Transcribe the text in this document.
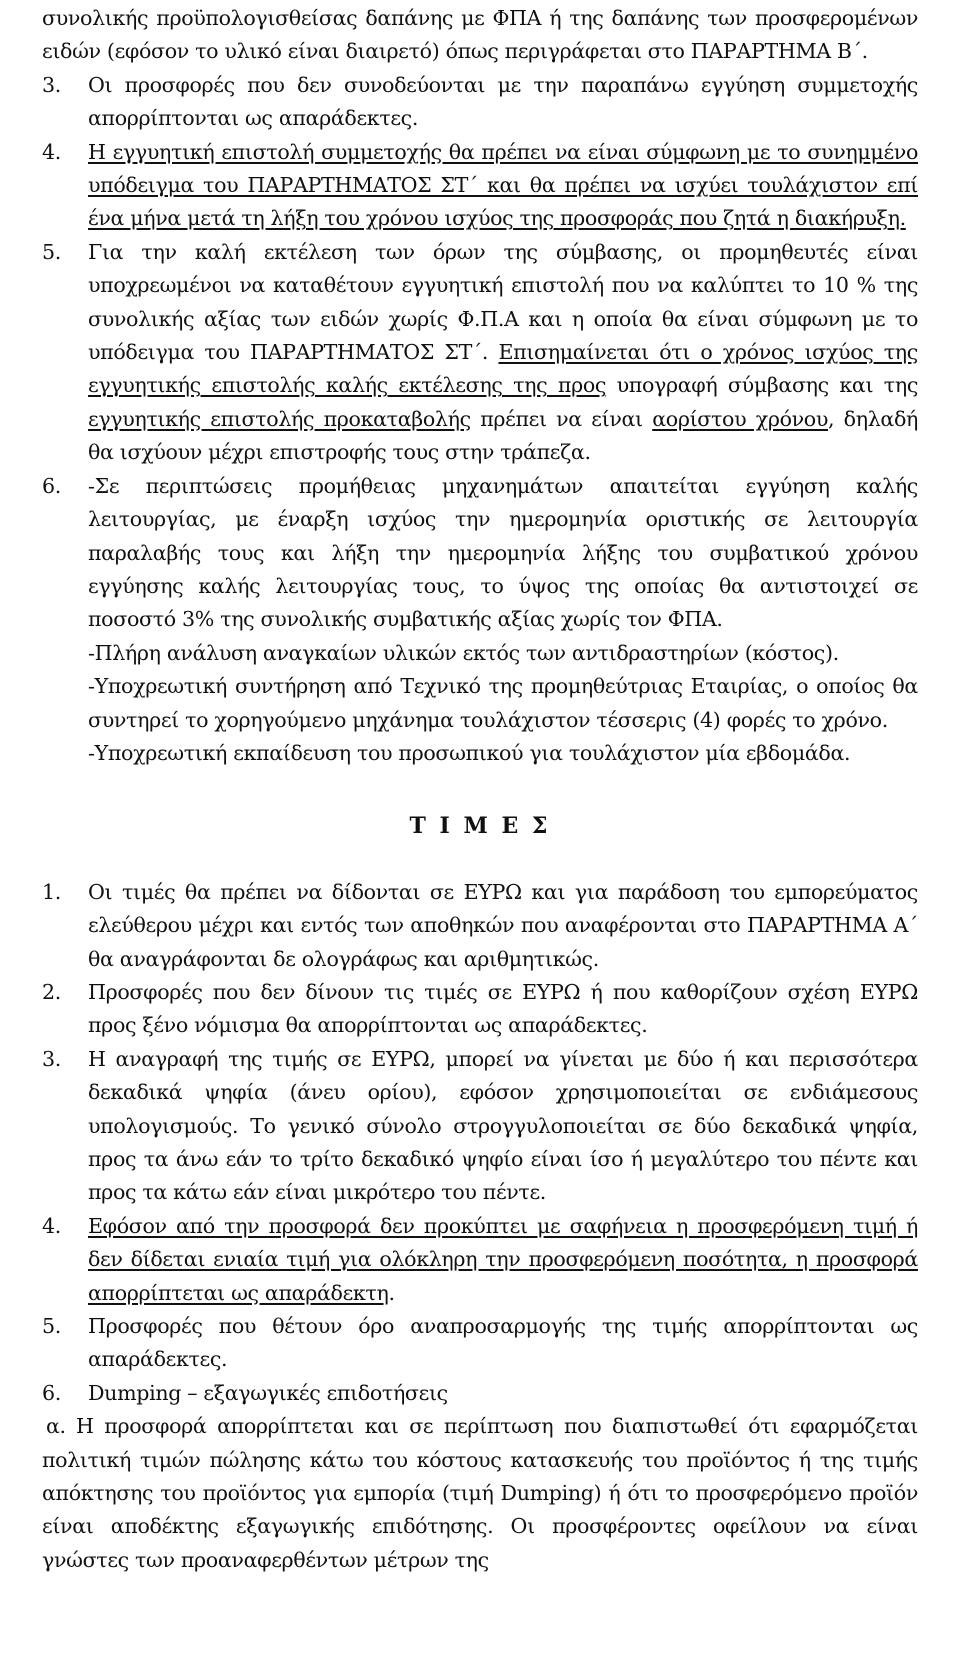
συνολικής προϋπολογισθείσας δαπάνης με ΦΠΑ ή της δαπάνης των προσφερομένων ειδών (εφόσον το υλικό είναι διαιρετό) όπως περιγράφεται στο ΠΑΡΑΡΤΗΜΑ Β΄.

3.	Οι προσφορές που δεν συνοδεύονται με την παραπάνω εγγύηση συμμετοχής απορρίπτονται ως απαράδεκτες.
4.	Η εγγυητική επιστολή συμμετοχής θα πρέπει να είναι σύμφωνη με το συνημμένο υπόδειγμα του ΠΑΡΑΡΤΗΜΑΤΟΣ ΣΤ΄ και θα πρέπει να ισχύει τουλάχιστον επί ένα μήνα μετά τη λήξη του χρόνου ισχύος της προσφοράς που ζητά η διακήρυξη.
5.	Για την καλή εκτέλεση των όρων της σύμβασης, οι προμηθευτές είναι υποχρεωμένοι να καταθέτουν εγγυητική επιστολή που να καλύπτει το 10 % της συνολικής αξίας των ειδών χωρίς Φ.Π.Α και η οποία θα είναι σύμφωνη με το υπόδειγμα του ΠΑΡΑΡΤΗΜΑΤΟΣ ΣΤ΄. Επισημαίνεται ότι ο χρόνος ισχύος της εγγυητικής επιστολής καλής εκτέλεσης της προς υπογραφή σύμβασης και της εγγυητικής επιστολής προκαταβολής πρέπει να είναι αορίστου χρόνου, δηλαδή θα ισχύουν μέχρι επιστροφής τους στην τράπεζα.
6.	-Σε περιπτώσεις προμήθειας μηχανημάτων απαιτείται εγγύηση καλής λειτουργίας, με έναρξη ισχύος την ημερομηνία οριστικής σε λειτουργία παραλαβής τους και λήξη την ημερομηνία λήξης του συμβατικού χρόνου εγγύησης καλής λειτουργίας τους, το ύψος της οποίας θα αντιστοιχεί σε ποσοστό 3% της συνολικής συμβατικής αξίας χωρίς τον ΦΠΑ.

-Πλήρη ανάλυση αναγκαίων υλικών εκτός των αντιδραστηρίων (κόστος).

-Υποχρεωτική συντήρηση από Τεχνικό της προμηθεύτριας Εταιρίας, ο οποίος θα συντηρεί το χορηγούμενο μηχάνημα τουλάχιστον τέσσερις (4) φορές το χρόνο.

-Υποχρεωτική εκπαίδευση του προσωπικού για τουλάχιστον μία εβδομάδα.

Τ Ι Μ Ε Σ

1.	Οι τιμές θα πρέπει να δίδονται σε ΕΥΡΩ και για παράδοση του εμπορεύματος ελεύθερου μέχρι και εντός των αποθηκών που αναφέρονται στο ΠΑΡΑΡΤΗΜΑ Α΄ θα αναγράφονται δε ολογράφως και αριθμητικώς.
2.	Προσφορές που δεν δίνουν τις τιμές σε ΕΥΡΩ ή που καθορίζουν σχέση ΕΥΡΩ προς ξένο νόμισμα θα απορρίπτονται ως απαράδεκτες.
3.	Η αναγραφή της τιμής σε ΕΥΡΩ, μπορεί να γίνεται με δύο ή και περισσότερα δεκαδικά ψηφία (άνευ ορίου), εφόσον χρησιμοποιείται σε ενδιάμεσους υπολογισμούς. Το γενικό σύνολο στρογγυλοποιείται σε δύο δεκαδικά ψηφία, προς τα άνω εάν το τρίτο δεκαδικό ψηφίο είναι ίσο ή μεγαλύτερο του πέντε και προς τα κάτω εάν είναι μικρότερο του πέντε.
4.	Εφόσον από την προσφορά δεν προκύπτει με σαφήνεια η προσφερόμενη τιμή ή δεν δίδεται ενιαία τιμή για ολόκληρη την προσφερόμενη ποσότητα, η προσφορά απορρίπτεται ως απαράδεκτη.
5.	Προσφορές που θέτουν όρο αναπροσαρμογής της τιμής απορρίπτονται ως απαράδεκτες.
6.	Dumping – εξαγωγικές επιδοτήσεις

α. Η προσφορά απορρίπτεται και σε περίπτωση που διαπιστωθεί ότι εφαρμόζεται πολιτική τιμών πώλησης κάτω του κόστους κατασκευής του προϊόντος ή της τιμής απόκτησης του προϊόντος για εμπορία (τιμή Dumping) ή ότι το προσφερόμενο προϊόν είναι αποδέκτης εξαγωγικής επιδότησης. Οι προσφέροντες οφείλουν να είναι γνώστες των προαναφερθέντων μέτρων της
